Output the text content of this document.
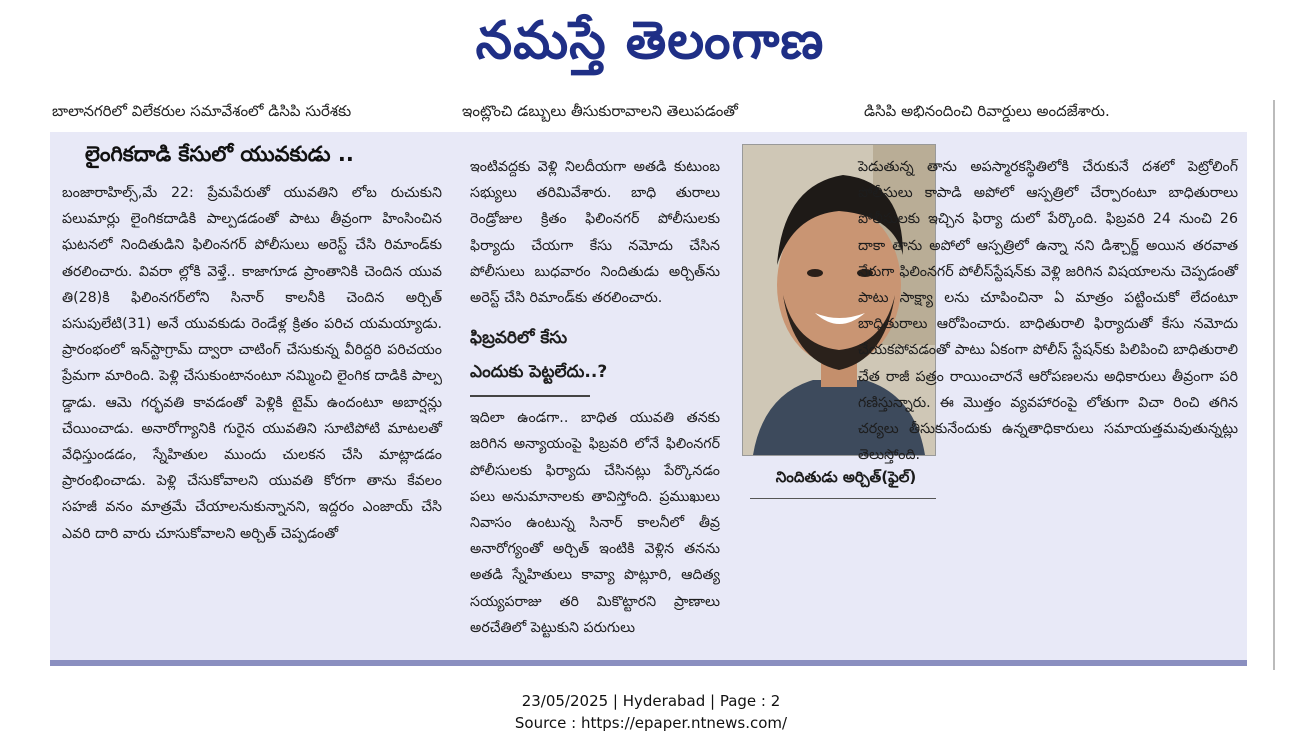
నమస్తే తెలంగాణ
బాలానగరిలో విలేకరుల సమావేశంలో డిసిపి సురేశకు	ఇంట్లొంచి డబ్బులు తీసుకురావాలని తెలుపడంతో	డిసిపి అభినందించి రివార్డులు అందజేశారు.
లైంగికదాడి కేసులో యువకుడు ..

బంజారాహిల్స్,మే 22: ప్రేమపేరుతో యువతిని లోబ రుచుకుని పలుమార్లు లైంగికదాడికి పాల్పడడంతో పాటు తీవ్రంగా హింసించిన ఘటనలో నిందితుడిని ఫిలింనగర్ పోలీసులు అరెస్ట్ చేసి రిమాండ్‌కు తరలించారు. వివరా ల్లోకి వెళ్తే.. కాజాగూడ ప్రాంతానికి చెందిన యువ తి(28)కి ఫిలింనగర్‌లోని సినార్ కాలనీకి చెందిన అర్చిత్ పసుపులేటి(31) అనే యువకుడు రెండేళ్ల క్రితం పరిచ యమయ్యాడు. ప్రారంభంలో ఇన్‌స్టాగ్రామ్ ద్వారా చాటింగ్ చేసుకున్న వీరిద్దరి పరిచయం ప్రేమగా మారింది. పెళ్లి చేసుకుంటానంటూ నమ్మించి లైంగిక దాడికి పాల్ప డ్డాడు. ఆమె గర్భవతి కావడంతో పెళ్లికి టైమ్ ఉందంటూ అబార్షన్లు చేయించాడు. అనారోగ్యానికి గురైన యువతిని సూటిపోటి మాటలతో వేధిస్తుండడం, స్నేహితుల ముందు చులకన చేసి మాట్లాడడం ప్రారంభించాడు. పెళ్లి చేసుకోవాలని యువతి కోరగా తాను కేవలం సహజీ వనం మాత్రమే చేయాలనుకున్నానని, ఇద్దరం ఎంజాయ్ చేసి ఎవరి దారి వారు చూసుకోవాలని అర్చిత్ చెప్పడంతో

ఇంటివద్దకు వెళ్లి నిలదీయగా అతడి కుటుంబ సభ్యులు తరిమివేశారు. బాధి తురాలు రెండ్రోజుల క్రితం ఫిలింనగర్ పోలీసులకు ఫిర్యాదు చేయగా కేసు నమోదు చేసిన పోలీసులు బుధవారం నిందితుడు అర్చిత్‌ను అరెస్ట్ చేసి రిమాండ్‌కు తరలించారు.

ఫిబ్రవరిలో కేసు
ఎందుకు పెట్టలేదు..?

ఇదిలా ఉండగా.. బాధిత యువతి తనకు జరిగిన అన్యాయంపై ఫిబ్రవరి లోనే ఫిలింనగర్ పోలీసులకు ఫిర్యాదు చేసినట్లు పేర్కొనడం పలు అనుమానాలకు తావిస్తోంది. ప్రముఖులు నివాసం ఉంటున్న సినార్ కాలనీలో తీవ్ర అనారోగ్యంతో అర్చిత్ ఇంటికి వెళ్లిన తనను అతడి స్నేహితులు కావ్యా పొట్లూరి, ఆదిత్య సయ్యపరాజు తరి మికొట్టారని ప్రాణాలు అరచేతిలో పెట్టుకుని పరుగులు

నిందితుడు అర్చిత్(ఫైల్)

పెడుతున్న తాను అపస్మారకస్థితిలోకి చేరుకునే దశలో పెట్రోలింగ్ పోలీసులు కాపాడి అపోలో ఆస్పత్రిలో చేర్పారంటూ బాధితురాలు పోలీసులకు ఇచ్చిన ఫిర్యా దులో పేర్కొంది. ఫిబ్రవరి 24 నుంచి 26 దాకా తాను అపోలో ఆస్పత్రిలో ఉన్నా నని డిశ్చార్జ్ అయిన తరవాత నేరుగా ఫిలింనగర్ పోలీస్‌స్టేషన్‌కు వెళ్లి జరిగిన విషయాలను చెప్పడంతో పాటు సాక్ష్యా లను చూపించినా ఏ మాత్రం పట్టించుకో లేదంటూ బాధితురాలు ఆరోపించారు. బాధితురాలి ఫిర్యాదుతో కేసు నమోదు చేయకపోవడంతో పాటు ఏకంగా పోలీస్ స్టేషన్‌కు పిలిపించి బాధితురాలి చేత రాజీ పత్రం రాయించారనే ఆరోపణలను అధికారులు తీవ్రంగా పరి గణిస్తున్నారు. ఈ మొత్తం వ్యవహారంపై లోతుగా విచా రించి తగిన చర్యలు తీసుకునేందుకు ఉన్నతాధికారులు సమాయత్తమవుతున్నట్లు తెలుస్తోంది.

23/05/2025 | Hyderabad | Page : 2
Source : https://epaper.ntnews.com/
